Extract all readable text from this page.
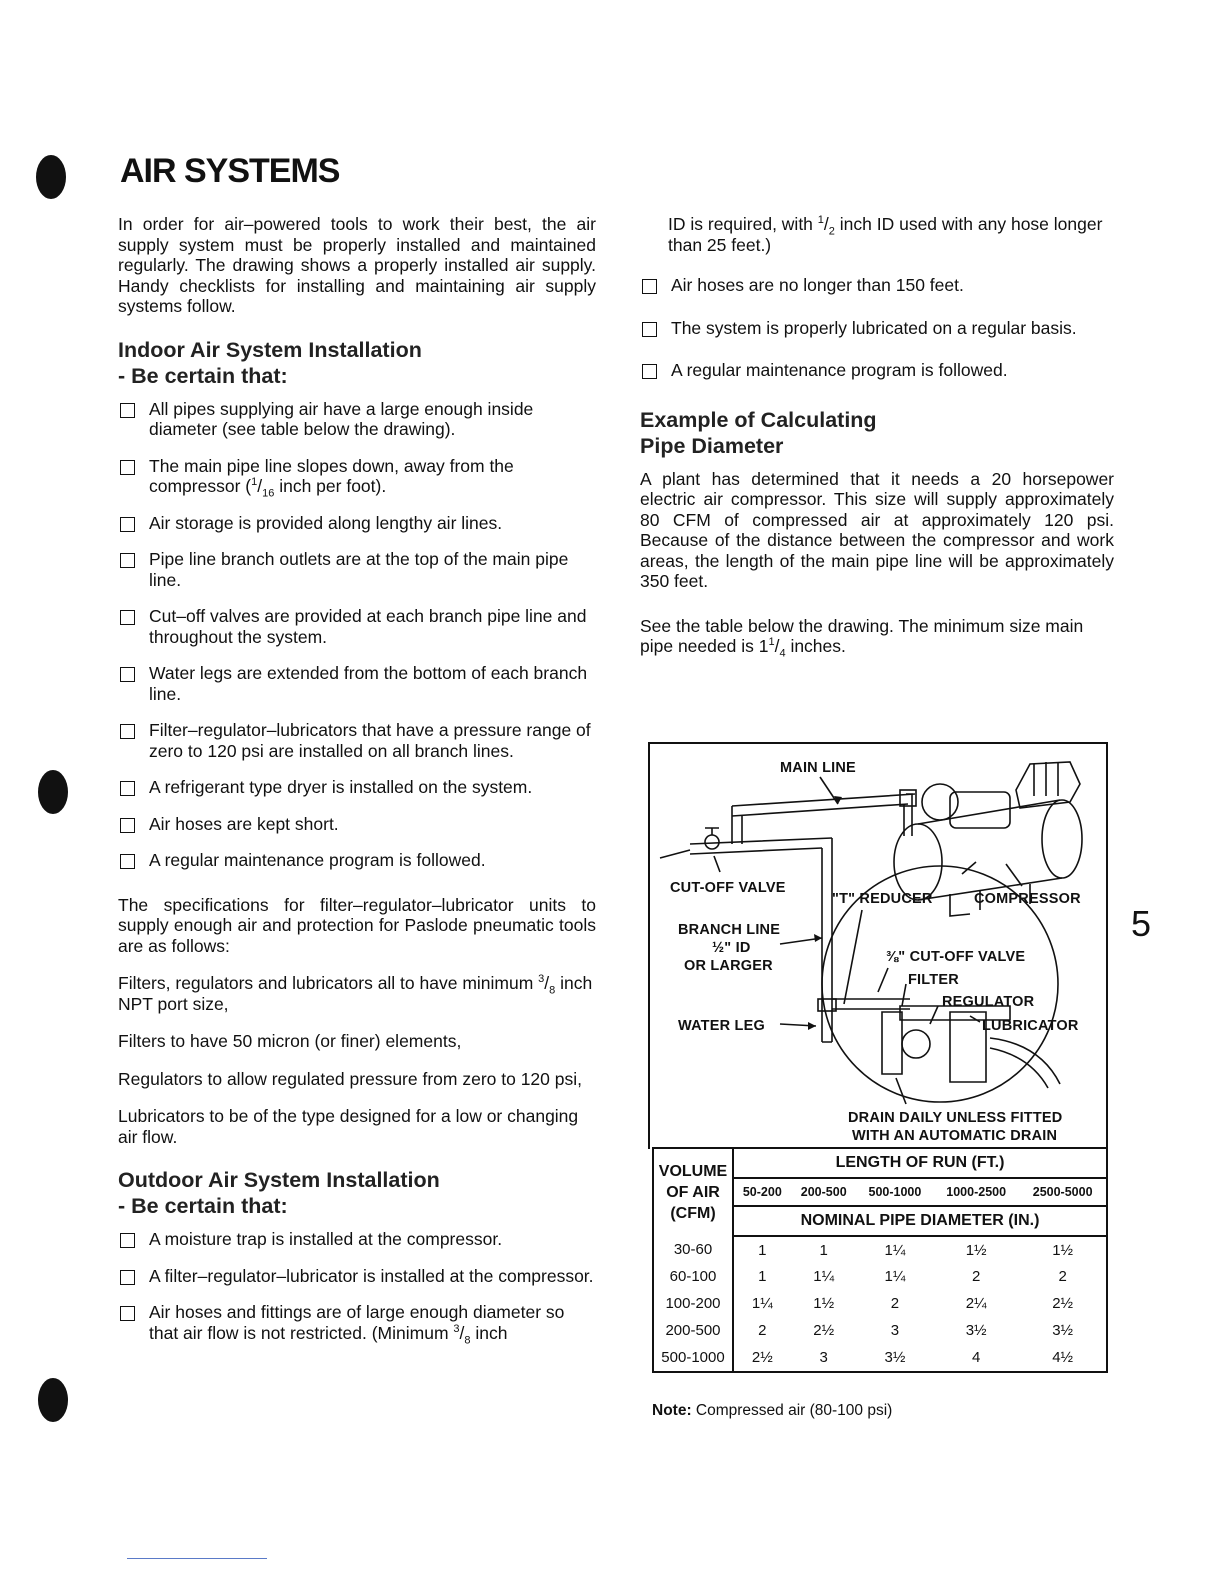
AIR SYSTEMS

In order for air–powered tools to work their best, the air supply system must be properly installed and maintained regularly. The drawing shows a properly installed air supply. Handy checklists for installing and maintaining air supply systems follow.

Indoor Air System Installation
- Be certain that:
All pipes supplying air have a large enough inside diameter (see table below the drawing).
The main pipe line slopes down, away from the compressor ($^1/_{16}$ inch per foot).
Air storage is provided along lengthy air lines.
Pipe line branch outlets are at the top of the main pipe line.
Cut–off valves are provided at each branch pipe line and throughout the system.
Water legs are extended from the bottom of each branch line.
Filter–regulator–lubricators that have a pressure range of zero to 120 psi are installed on all branch lines.
A refrigerant type dryer is installed on the system.
Air hoses are kept short.
A regular maintenance program is followed.

The specifications for filter–regulator–lubricator units to supply enough air and protection for Paslode pneumatic tools are as follows:

Filters, regulators and lubricators all to have minimum $^3/_8$ inch NPT port size,

Filters to have 50 micron (or finer) elements,

Regulators to allow regulated pressure from zero to 120 psi,

Lubricators to be of the type designed for a low or changing air flow.

Outdoor Air System Installation
- Be certain that:
A moisture trap is installed at the compressor.
A filter–regulator–lubricator is installed at the compressor.
Air hoses and fittings are of large enough diameter so that air flow is not restricted. (Minimum $^3/_8$ inch

ID is required, with $^1/_2$ inch ID used with any hose longer than 25 feet.)

Air hoses are no longer than 150 feet.
The system is properly lubricated on a regular basis.
A regular maintenance program is followed.
Example of Calculating
Pipe Diameter

A plant has determined that it needs a 20 horsepower electric air compressor. This size will supply approximately 80 CFM of compressed air at approximately 120 psi. Because of the distance between the compressor and work areas, the length of the main pipe line will be approximately 350 feet.

See the table below the drawing. The minimum size main pipe needed is $1^1/_4$ inches.

MAIN LINE
CUT-OFF VALVE
"T" REDUCER	COMPRESSOR
BRANCH LINE
½" ID
OR LARGER
⅜" CUT-OFF VALVE
FILTER
REGULATOR
LUBRICATOR
WATER LEG
DRAIN DAILY UNLESS FITTED
WITH AN AUTOMATIC DRAIN
VOLUME
OF AIR
(CFM)	LENGTH OF RUN (FT.)				
	50-200	200-500	500-1000	1000-2500	2500-5000
	NOMINAL PIPE DIAMETER (IN.)				
30-60	1	1	1¼	1½	1½
60-100	1	1¼	1¼	2	2
100-200	1¼	1½	2	2¼	2½
200-500	2	2½	3	3½	3½
500-1000	2½	3	3½	4	4½
Note: Compressed air (80-100 psi)
5
